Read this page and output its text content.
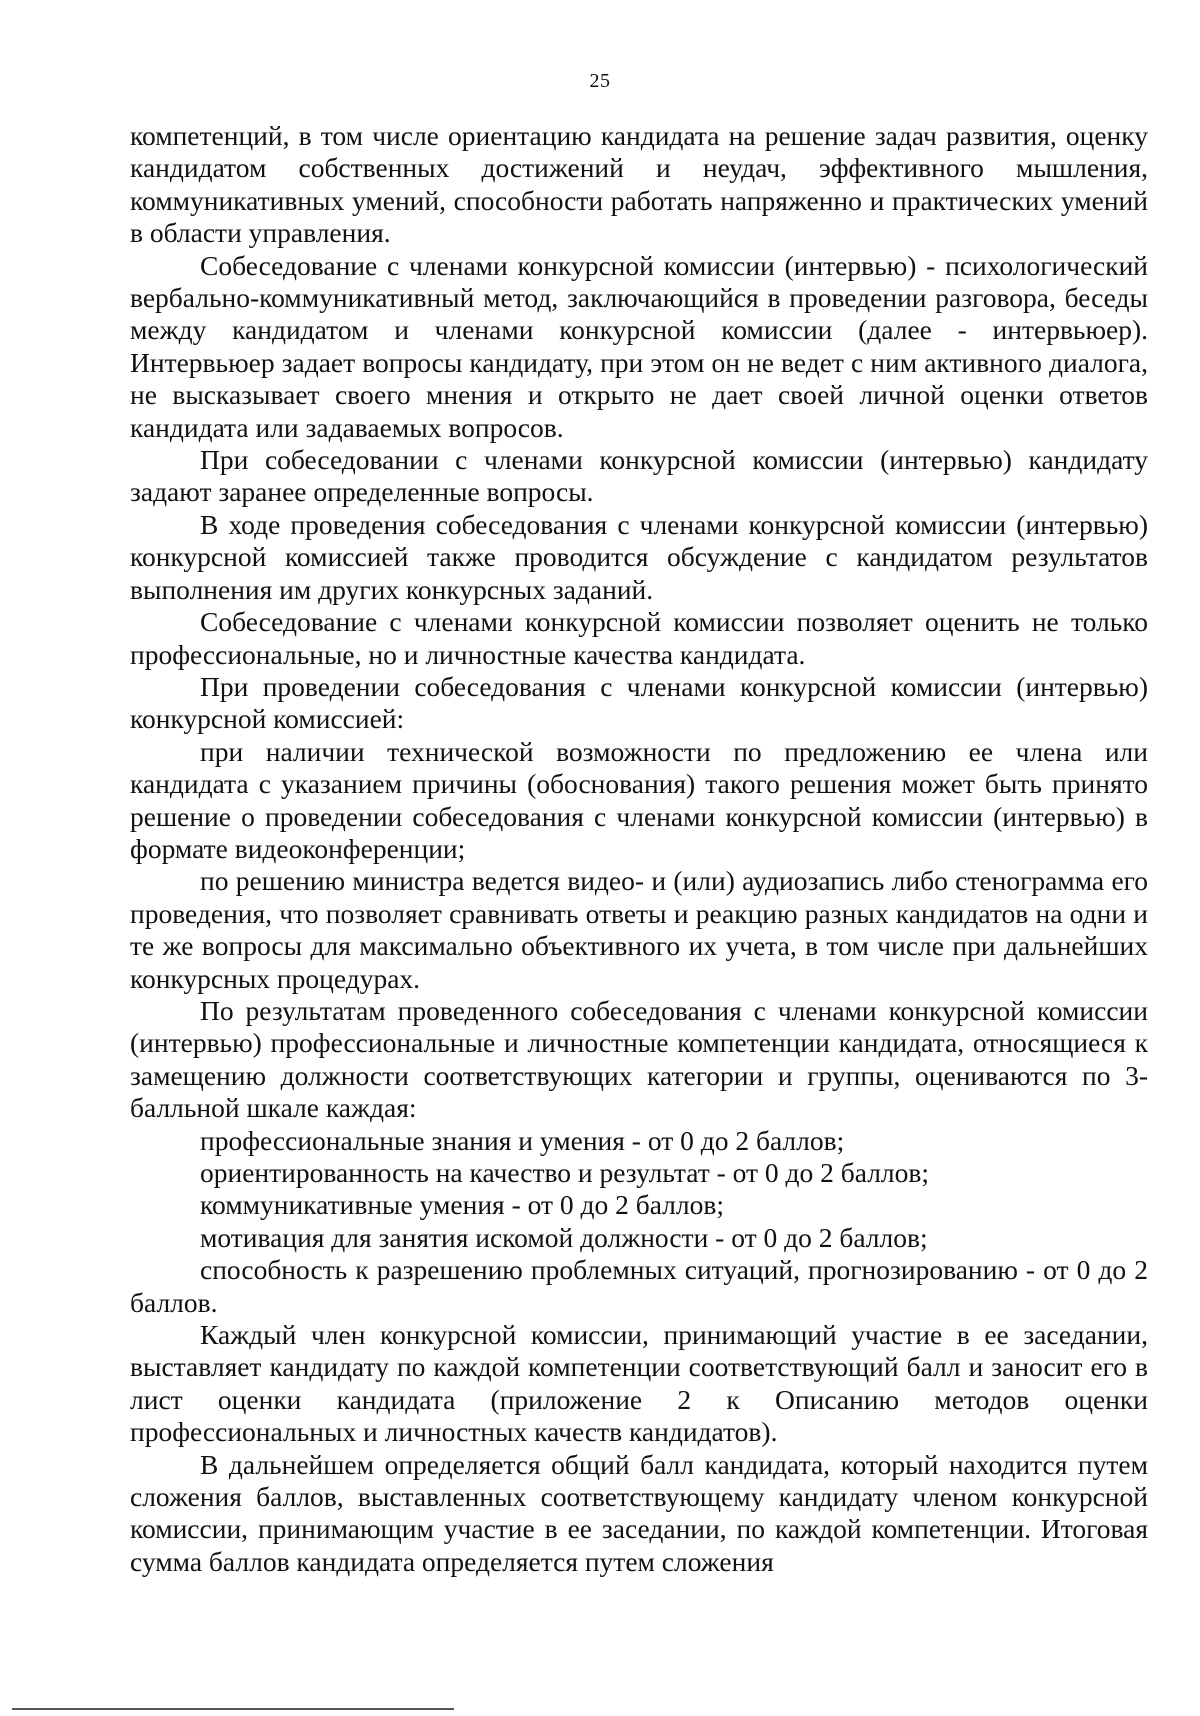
25

компетенций, в том числе ориентацию кандидата на решение задач развития, оценку кандидатом собственных достижений и неудач, эффективного мышления, коммуникативных умений, способности работать напряженно и практических умений в области управления.

Собеседование с членами конкурсной комиссии (интервью) - психологический вербально-коммуникативный метод, заключающийся в проведении разговора, беседы между кандидатом и членами конкурсной комиссии (далее - интервьюер). Интервьюер задает вопросы кандидату, при этом он не ведет с ним активного диалога, не высказывает своего мнения и открыто не дает своей личной оценки ответов кандидата или задаваемых вопросов.

При собеседовании с членами конкурсной комиссии (интервью) кандидату задают заранее определенные вопросы.

В ходе проведения собеседования с членами конкурсной комиссии (интервью) конкурсной комиссией также проводится обсуждение с кандидатом результатов выполнения им других конкурсных заданий.

Собеседование с членами конкурсной комиссии позволяет оценить не только профессиональные, но и личностные качества кандидата.

При проведении собеседования с членами конкурсной комиссии (интервью) конкурсной комиссией:

при наличии технической возможности по предложению ее члена или кандидата с указанием причины (обоснования) такого решения может быть принято решение о проведении собеседования с членами конкурсной комиссии (интервью) в формате видеоконференции;

по решению министра ведется видео- и (или) аудиозапись либо стенограмма его проведения, что позволяет сравнивать ответы и реакцию разных кандидатов на одни и те же вопросы для максимально объективного их учета, в том числе при дальнейших конкурсных процедурах.

По результатам проведенного собеседования с членами конкурсной комиссии (интервью) профессиональные и личностные компетенции кандидата, относящиеся к замещению должности соответствующих категории и группы, оцениваются по 3-балльной шкале каждая:

профессиональные знания и умения - от 0 до 2 баллов;
ориентированность на качество и результат - от 0 до 2 баллов;
коммуникативные умения - от 0 до 2 баллов;
мотивация для занятия искомой должности - от 0 до 2 баллов;
способность к разрешению проблемных ситуаций, прогнозированию - от 0 до 2 баллов.

Каждый член конкурсной комиссии, принимающий участие в ее заседании, выставляет кандидату по каждой компетенции соответствующий балл и заносит его в лист оценки кандидата (приложение 2 к Описанию методов оценки профессиональных и личностных качеств кандидатов).

В дальнейшем определяется общий балл кандидата, который находится путем сложения баллов, выставленных соответствующему кандидату членом конкурсной комиссии, принимающим участие в ее заседании, по каждой компетенции. Итоговая сумма баллов кандидата определяется путем сложения
